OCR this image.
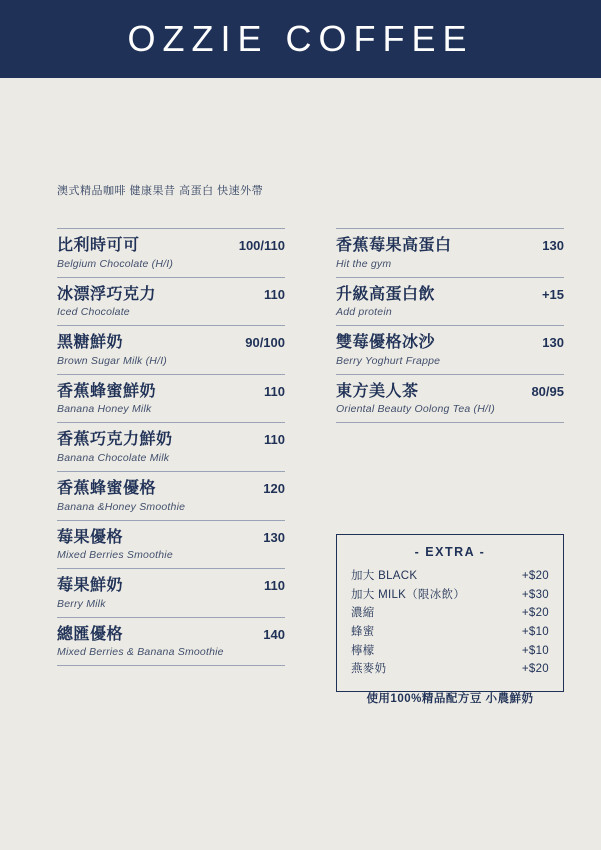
OZZIE COFFEE
澳式精品咖啡 健康果昔 高蛋白 快速外帶
比利時可可	100/110
Belgium Chocolate (H/I)
冰漂浮巧克力	110
Iced Chocolate
黑糖鮮奶	90/100
Brown Sugar Milk (H/I)
香蕉蜂蜜鮮奶	110
Banana Honey Milk
香蕉巧克力鮮奶	110
Banana Chocolate Milk
香蕉蜂蜜優格	120
Banana &Honey Smoothie
莓果優格	130
Mixed Berries Smoothie
莓果鮮奶	110
Berry Milk
總匯優格	140
Mixed Berries & Banana Smoothie
香蕉莓果高蛋白	130
Hit the gym
升級高蛋白飲	+15
Add protein
雙莓優格冰沙	130
Berry Yoghurt Frappe
東方美人茶	80/95
Oriental Beauty Oolong Tea (H/I)
- EXTRA -
加大 BLACK	+$20
加大 MILK（限冰飲）	+$30
濃縮	+$20
蜂蜜	+$10
檸檬	+$10
燕麥奶	+$20
使用100%精品配方豆 小農鮮奶
